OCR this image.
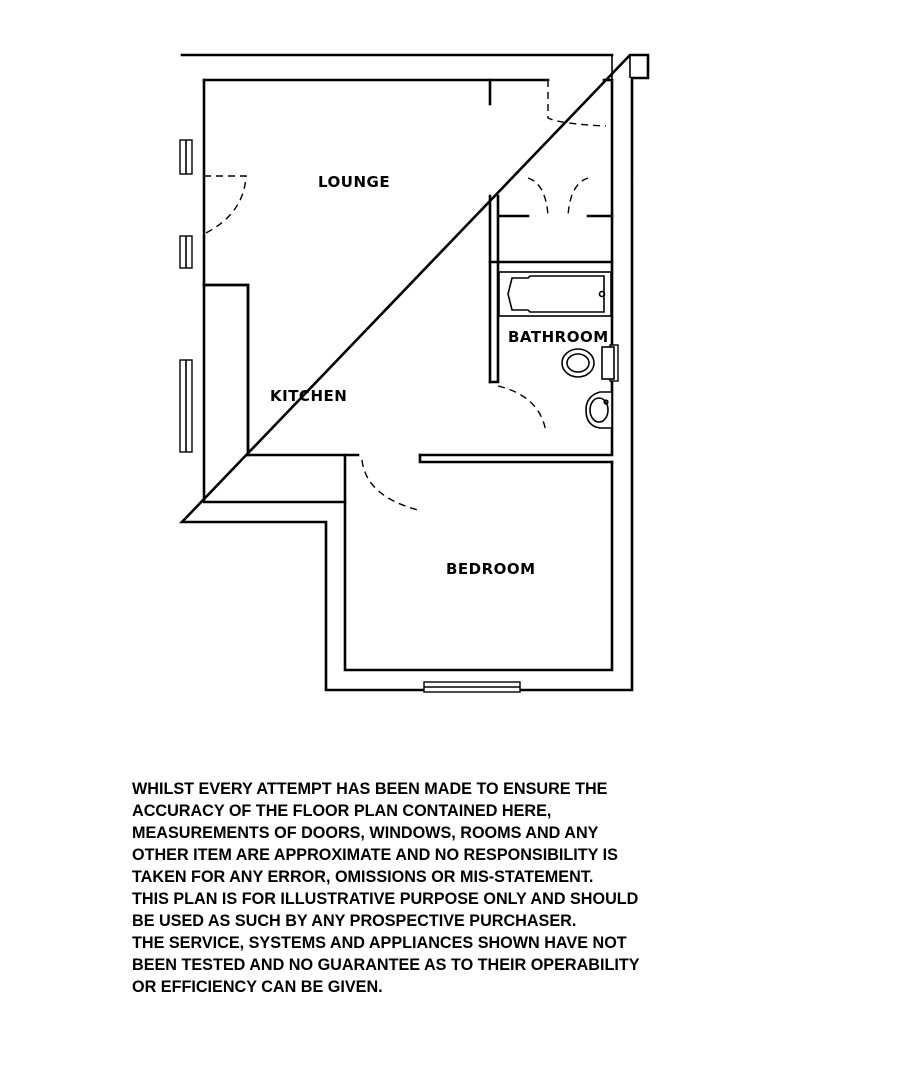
LOUNGE
KITCHEN
BATHROOM
BEDROOM
WHILST EVERY ATTEMPT HAS BEEN MADE TO ENSURE THE
ACCURACY OF THE FLOOR PLAN CONTAINED HERE,
MEASUREMENTS OF DOORS, WINDOWS, ROOMS AND ANY
OTHER ITEM ARE APPROXIMATE AND NO RESPONSIBILITY IS
TAKEN FOR ANY ERROR, OMISSIONS OR MIS-STATEMENT.
THIS PLAN IS FOR ILLUSTRATIVE PURPOSE ONLY AND SHOULD
BE USED AS SUCH BY ANY PROSPECTIVE PURCHASER.
THE SERVICE, SYSTEMS AND APPLIANCES SHOWN HAVE NOT
BEEN TESTED AND NO GUARANTEE AS TO THEIR OPERABILITY
OR EFFICIENCY CAN BE GIVEN.
